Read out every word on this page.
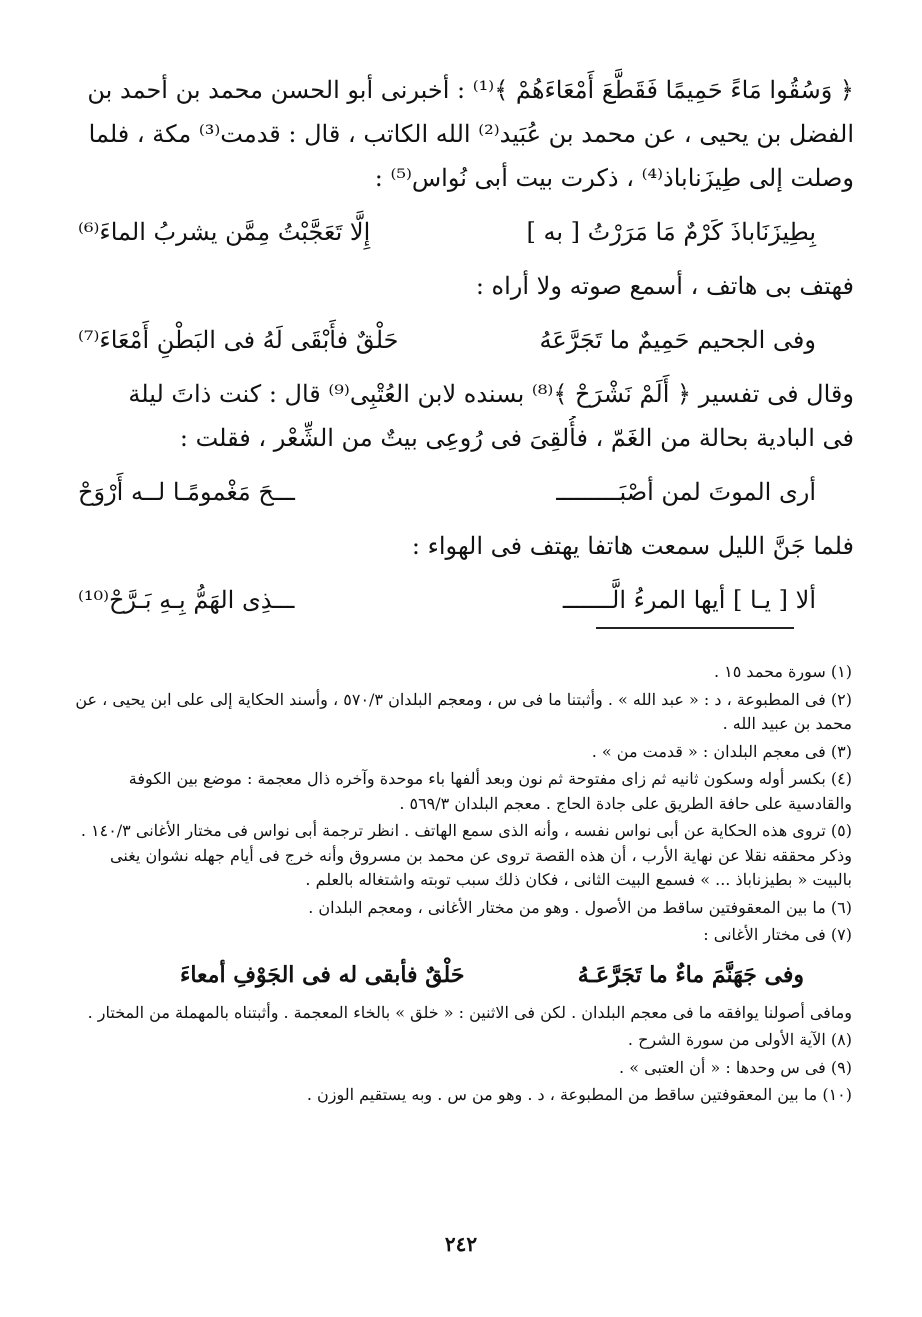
﴿ وَسُقُوا مَاءً حَمِيمًا فَقَطَّعَ أَمْعَاءَهُمْ ﴾⁽¹⁾ : أخبرنى أبو الحسن محمد بن أحمد بن
الفضل بن يحيى ، عن محمد بن عُبَيد⁽²⁾ الله الكاتب ، قال : قدمت⁽³⁾ مكة ، فلما
وصلت إلى طِيزَناباذ⁽⁴⁾ ، ذكرت بيت أبى نُواس⁽⁵⁾ :
بِطِيزَنَاباذَ كَرْمٌ مَا مَرَرْتُ [ به ]
إِلَّا تَعَجَّبْتُ مِمَّن يشربُ الماءَ⁽⁶⁾
فهتف بى هاتف ، أسمع صوته ولا أراه :
وفى الجحيم حَمِيمٌ ما تَجَرَّعَهُ
حَلْقٌ فأَبْقَى لَهُ فى البَطْنِ أَمْعَاءَ⁽⁷⁾
وقال فى تفسير ﴿ أَلَمْ نَشْرَحْ ﴾⁽⁸⁾ بسنده لابن العُتْبِى⁽⁹⁾ قال : كنت ذاتَ ليلة
فى البادية بحالة من الغَمّ ، فأُلقِىَ فى رُوعِى بيتٌ من الشِّعْر ، فقلت :
أرى الموتَ لمن أصْبَـــــــــ
ـــحَ مَغْمومًـا لــه أَرْوَحْ
فلما جَنَّ الليل سمعت هاتفا يهتف فى الهواء :
ألا [ يـا ] أيها المرءُ الَّـــــــ
ـــذِى الهَمُّ بِـهِ بَـرَّحْ⁽¹⁰⁾

(١) سورة محمد ١٥ .

(٢) فى المطبوعة ، د : « عبد الله » . وأثبتنا ما فى س ، ومعجم البلدان ٥٧٠/٣ ، وأسند الحكاية إلى على ابن يحيى ، عن محمد بن عبيد الله .

(٣) فى معجم البلدان : « قدمت من » .

(٤) بكسر أوله وسكون ثانيه ثم زاى مفتوحة ثم نون وبعد ألفها باء موحدة وآخره ذال معجمة : موضع بين الكوفة والقادسية على حافة الطريق على جادة الحاج . معجم البلدان ٥٦٩/٣ .

(٥) تروى هذه الحكاية عن أبى نواس نفسه ، وأنه الذى سمع الهاتف . انظر ترجمة أبى نواس فى مختار الأغانى ١٤٠/٣ . وذكر محققه نقلا عن نهاية الأرب ، أن هذه القصة تروى عن محمد بن مسروق وأنه خرج فى أيام جهله نشوان يغنى بالبيت « بطيزناباذ ... » فسمع البيت الثانى ، فكان ذلك سبب توبته واشتغاله بالعلم .

(٦) ما بين المعقوفتين ساقط من الأصول . وهو من مختار الأغانى ، ومعجم البلدان .

(٧) فى مختار الأغانى :

وفى جَهَنَّمَ ماءٌ ما تَجَرَّعَـهُ
حَلْقٌ فأبقى له فى الجَوْفِ أمعاءَ

ومافى أصولنا يوافقه ما فى معجم البلدان . لكن فى الاثنين : « خلق » بالخاء المعجمة . وأثبتناه بالمهملة من المختار .

(٨) الآية الأولى من سورة الشرح .

(٩) فى س وحدها : « أن العتبى » .

(١٠) ما بين المعقوفتين ساقط من المطبوعة ، د . وهو من س . وبه يستقيم الوزن .

٢٤٢
